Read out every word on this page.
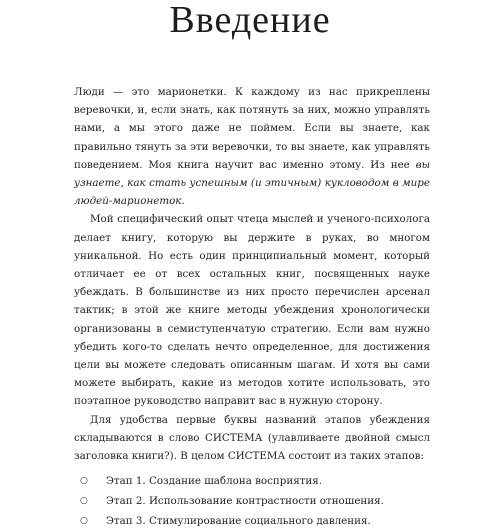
Введение

Люди — это марионетки. К каждому из нас прикреплены веревочки, и, если знать, как потянуть за них, можно управлять нами, а мы этого даже не поймем. Если вы знаете, как правильно тянуть за эти веревочки, то вы знаете, как управлять поведением. Моя книга научит вас именно этому. Из нее вы узнаете, как стать успешным (и этичным) кукловодом в мире людей-марионеток.

Мой специфический опыт чтеца мыслей и ученого-психолога делает книгу, которую вы держите в руках, во многом уникальной. Но есть один принципиальный момент, который отличает ее от всех остальных книг, посвященных науке убеждать. В большинстве из них просто перечислен арсенал тактик; в этой же книге методы убеждения хронологически организованы в семиступенчатую стратегию. Если вам нужно убедить кого-то сделать нечто определенное, для достижения цели вы можете следовать описанным шагам. И хотя вы сами можете выбирать, какие из методов хотите использовать, это поэтапное руководство направит вас в нужную сторону.

Для удобства первые буквы названий этапов убеждения складываются в слово СИСТЕМА (улавливаете двойной смысл заголовка книги?). В целом СИСТЕМА состоит из таких этапов:

○ Этап 1. Создание шаблона восприятия.
○ Этап 2. Использование контрастности отношения.
○ Этап 3. Стимулирование социального давления.
